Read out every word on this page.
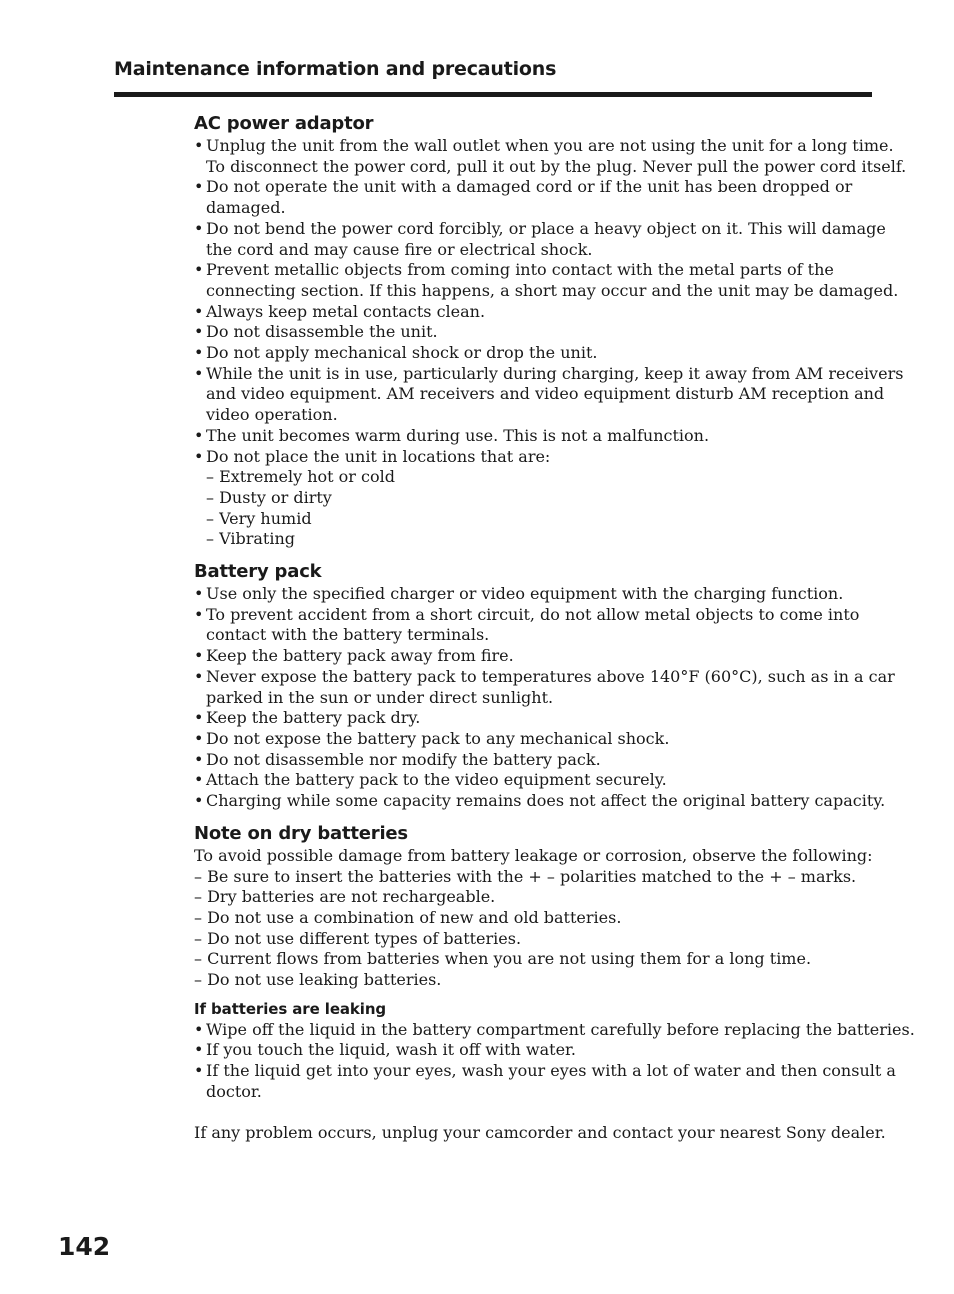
Maintenance information and precautions
AC power adaptor
• Unplug the unit from the wall outlet when you are not using the unit for a long time.
To disconnect the power cord, pull it out by the plug. Never pull the power cord itself.
• Do not operate the unit with a damaged cord or if the unit has been dropped or
damaged.
• Do not bend the power cord forcibly, or place a heavy object on it. This will damage
the cord and may cause fire or electrical shock.
• Prevent metallic objects from coming into contact with the metal parts of the
connecting section. If this happens, a short may occur and the unit may be damaged.
• Always keep metal contacts clean.
• Do not disassemble the unit.
• Do not apply mechanical shock or drop the unit.
• While the unit is in use, particularly during charging, keep it away from AM receivers
and video equipment. AM receivers and video equipment disturb AM reception and
video operation.
• The unit becomes warm during use. This is not a malfunction.
• Do not place the unit in locations that are:
– Extremely hot or cold
– Dusty or dirty
– Very humid
– Vibrating
Battery pack
• Use only the specified charger or video equipment with the charging function.
• To prevent accident from a short circuit, do not allow metal objects to come into
contact with the battery terminals.
• Keep the battery pack away from fire.
• Never expose the battery pack to temperatures above 140°F (60°C), such as in a car
parked in the sun or under direct sunlight.
• Keep the battery pack dry.
• Do not expose the battery pack to any mechanical shock.
• Do not disassemble nor modify the battery pack.
• Attach the battery pack to the video equipment securely.
• Charging while some capacity remains does not affect the original battery capacity.
Note on dry batteries

To avoid possible damage from battery leakage or corrosion, observe the following:

– Be sure to insert the batteries with the + – polarities matched to the + – marks.
– Dry batteries are not rechargeable.
– Do not use a combination of new and old batteries.
– Do not use different types of batteries.
– Current flows from batteries when you are not using them for a long time.
– Do not use leaking batteries.
If batteries are leaking
• Wipe off the liquid in the battery compartment carefully before replacing the batteries.
• If you touch the liquid, wash it off with water.
• If the liquid get into your eyes, wash your eyes with a lot of water and then consult a
doctor.

If any problem occurs, unplug your camcorder and contact your nearest Sony dealer.

142
